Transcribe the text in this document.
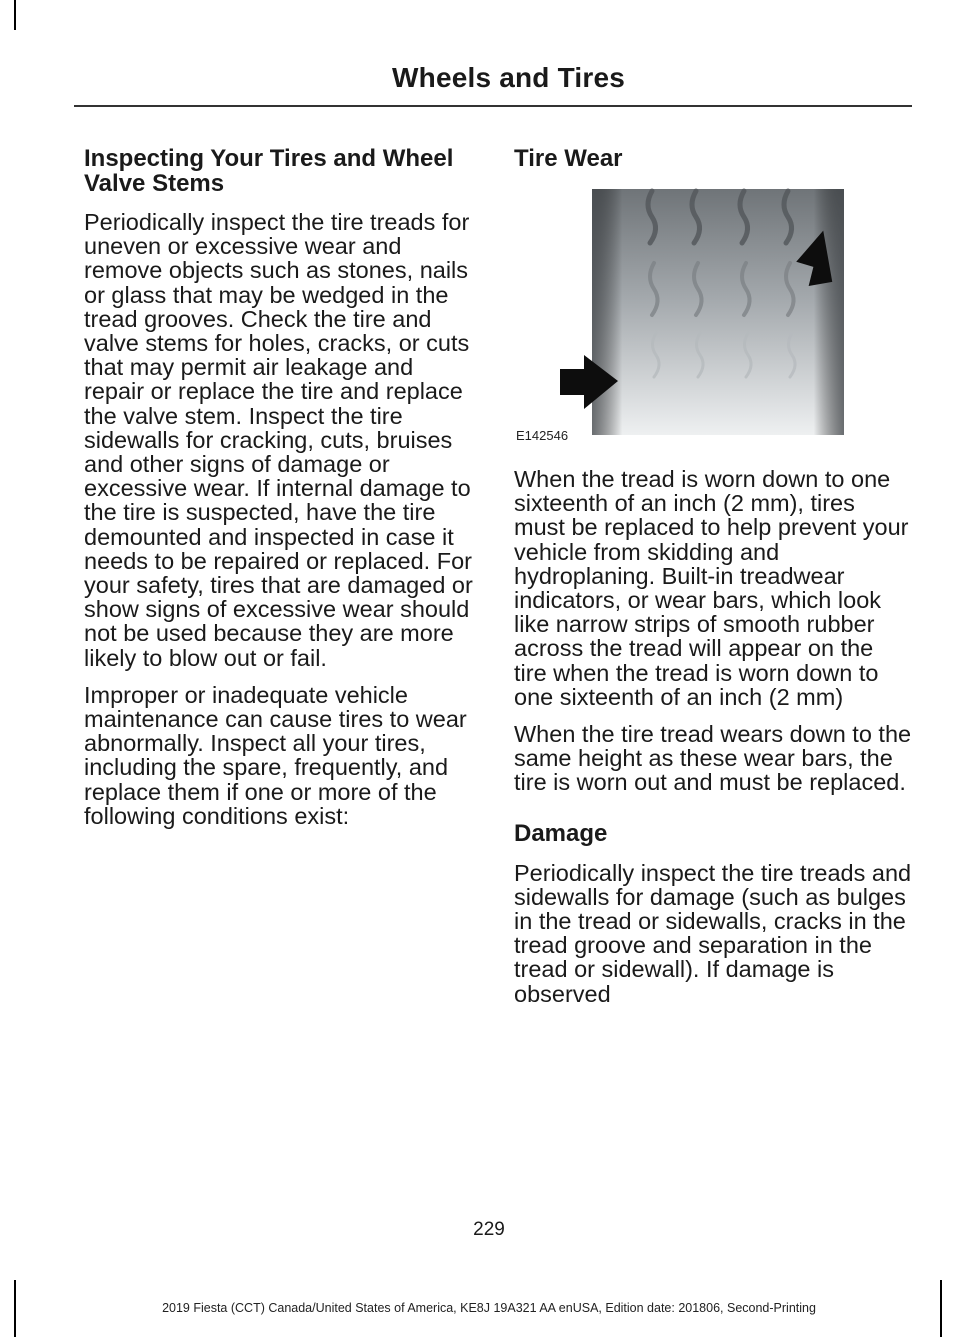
Wheels and Tires
Inspecting Your Tires and Wheel Valve Stems

Periodically inspect the tire treads for uneven or excessive wear and remove objects such as stones, nails or glass that may be wedged in the tread grooves. Check the tire and valve stems for holes, cracks, or cuts that may permit air leakage and repair or replace the tire and replace the valve stem. Inspect the tire sidewalls for cracking, cuts, bruises and other signs of damage or excessive wear. If internal damage to the tire is suspected, have the tire demounted and inspected in case it needs to be repaired or replaced. For your safety, tires that are damaged or show signs of excessive wear should not be used because they are more likely to blow out or fail.

Improper or inadequate vehicle maintenance can cause tires to wear abnormally. Inspect all your tires, including the spare, frequently, and replace them if one or more of the following conditions exist:

Tire Wear
E142546

When the tread is worn down to one sixteenth of an inch (2 mm), tires must be replaced to help prevent your vehicle from skidding and hydroplaning. Built-in treadwear indicators, or wear bars, which look like narrow strips of smooth rubber across the tread will appear on the tire when the tread is worn down to one sixteenth of an inch (2 mm)

When the tire tread wears down to the same height as these wear bars, the tire is worn out and must be replaced.

Damage

Periodically inspect the tire treads and sidewalls for damage (such as bulges in the tread or sidewalls, cracks in the tread groove and separation in the tread or sidewall). If damage is observed

229
2019 Fiesta (CCT) Canada/United States of America, KE8J 19A321 AA enUSA, Edition date: 201806, Second-Printing
